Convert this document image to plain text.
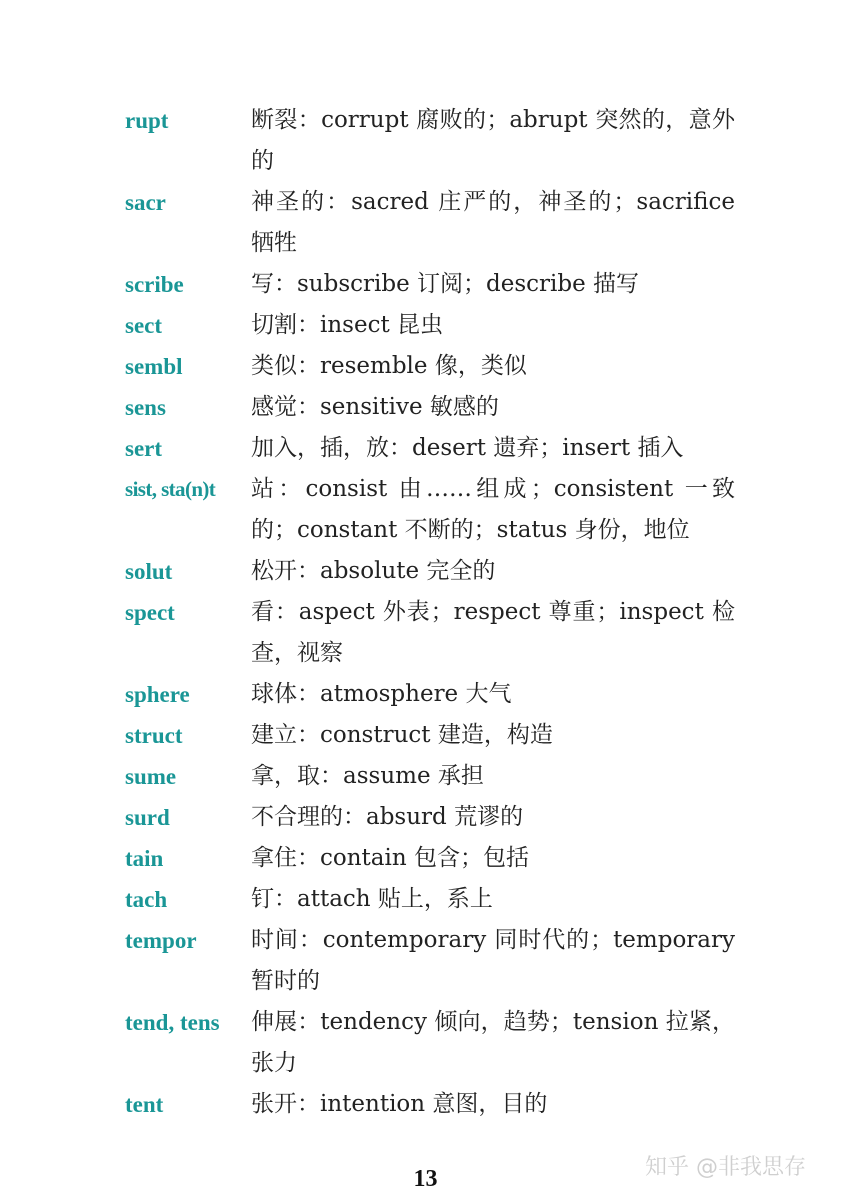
rupt	断裂：corrupt 腐败的；abrupt 突然的，意外的
sacr	神圣的：sacred 庄严的，神圣的；sacrifice 牺牲
scribe	写：subscribe 订阅；describe 描写
sect	切割：insect 昆虫
sembl	类似：resemble 像，类似
sens	感觉：sensitive 敏感的
sert	加入，插，放：desert 遗弃；insert 插入
sist, sta(n)t	站：consist 由……组成；consistent 一致的；constant 不断的；status 身份，地位
solut	松开：absolute 完全的
spect	看：aspect 外表；respect 尊重；inspect 检查，视察
sphere	球体：atmosphere 大气
struct	建立：construct 建造，构造
sume	拿，取：assume 承担
surd	不合理的：absurd 荒谬的
tain	拿住：contain 包含；包括
tach	钉：attach 贴上，系上
tempor	时间：contemporary 同时代的；temporary 暂时的
tend, tens	伸展：tendency 倾向，趋势；tension 拉紧，张力
tent	张开：intention 意图，目的
13	知乎 @非我思存
